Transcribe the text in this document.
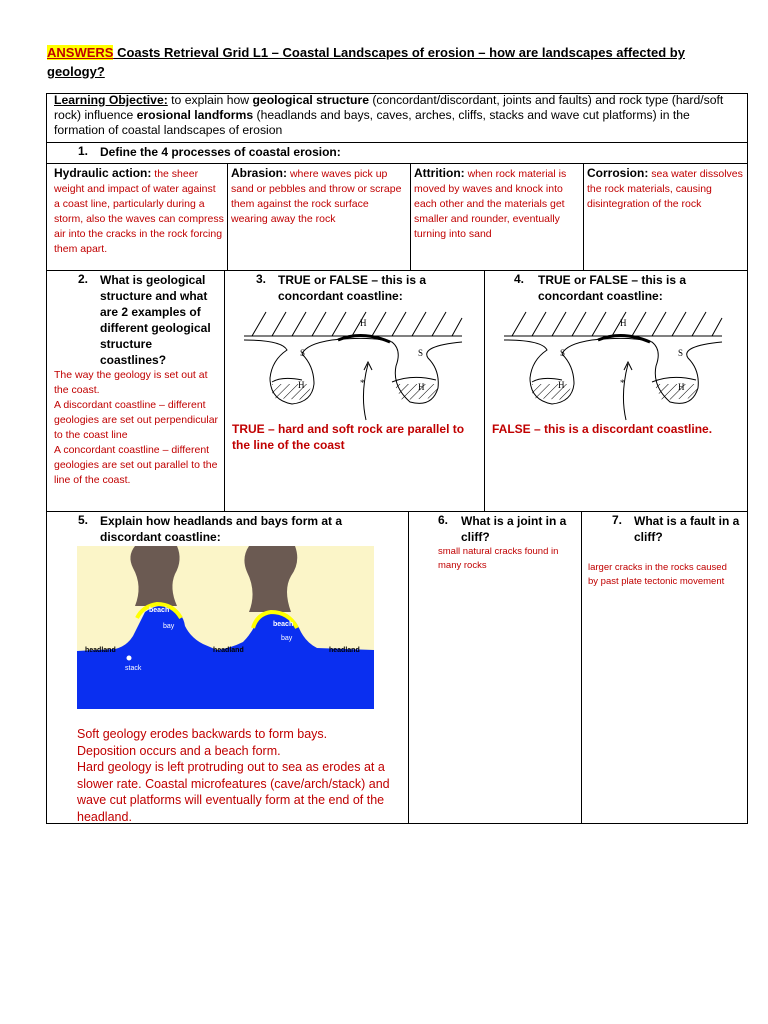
ANSWERS Coasts Retrieval Grid L1 – Coastal Landscapes of erosion – how are landscapes affected by geology?
Learning Objective: to explain how geological structure (concordant/discordant, joints and faults) and rock type (hard/soft rock) influence erosional landforms (headlands and bays, caves, arches, cliffs, stacks and wave cut platforms) in the formation of coastal landscapes of erosion
1. Define the 4 processes of coastal erosion:
Hydraulic action: the sheer weight and impact of water against a coast line, particularly during a storm, also the waves can compress air into the cracks in the rock forcing them apart.
Abrasion: where waves pick up sand or pebbles and throw or scrape them against the rock surface wearing away the rock
Attrition: when rock material is moved by waves and knock into each other and the materials get smaller and rounder, eventually turning into sand
Corrosion: sea water dissolves the rock materials, causing disintegration of the rock
2. What is geological structure and what are 2 examples of different geological structure coastlines?
The way the geology is set out at the coast.
A discordant coastline – different geologies are set out perpendicular to the coast line
A concordant coastline – different geologies are set out parallel to the line of the coast.
3. TRUE or FALSE – this is a concordant coastline:
H
S	S
H	H
*
TRUE – hard and soft rock are parallel to the line of the coast
4. TRUE or FALSE – this is a concordant coastline:
H
S	S
H	H
*
FALSE – this is a discordant coastline.
5. Explain how headlands and bays form at a discordant coastline:
beach
bay	beach
bay
headland	headland	headland
stack
Soft geology erodes backwards to form bays.
Deposition occurs and a beach form.
Hard geology is left protruding out to sea as erodes at a slower rate. Coastal microfeatures (cave/arch/stack) and wave cut platforms will eventually form at the end of the headland.
6. What is a joint in a cliff?
small natural cracks found in many rocks
7. What is a fault in a cliff?
larger cracks in the rocks caused by past plate tectonic movement
